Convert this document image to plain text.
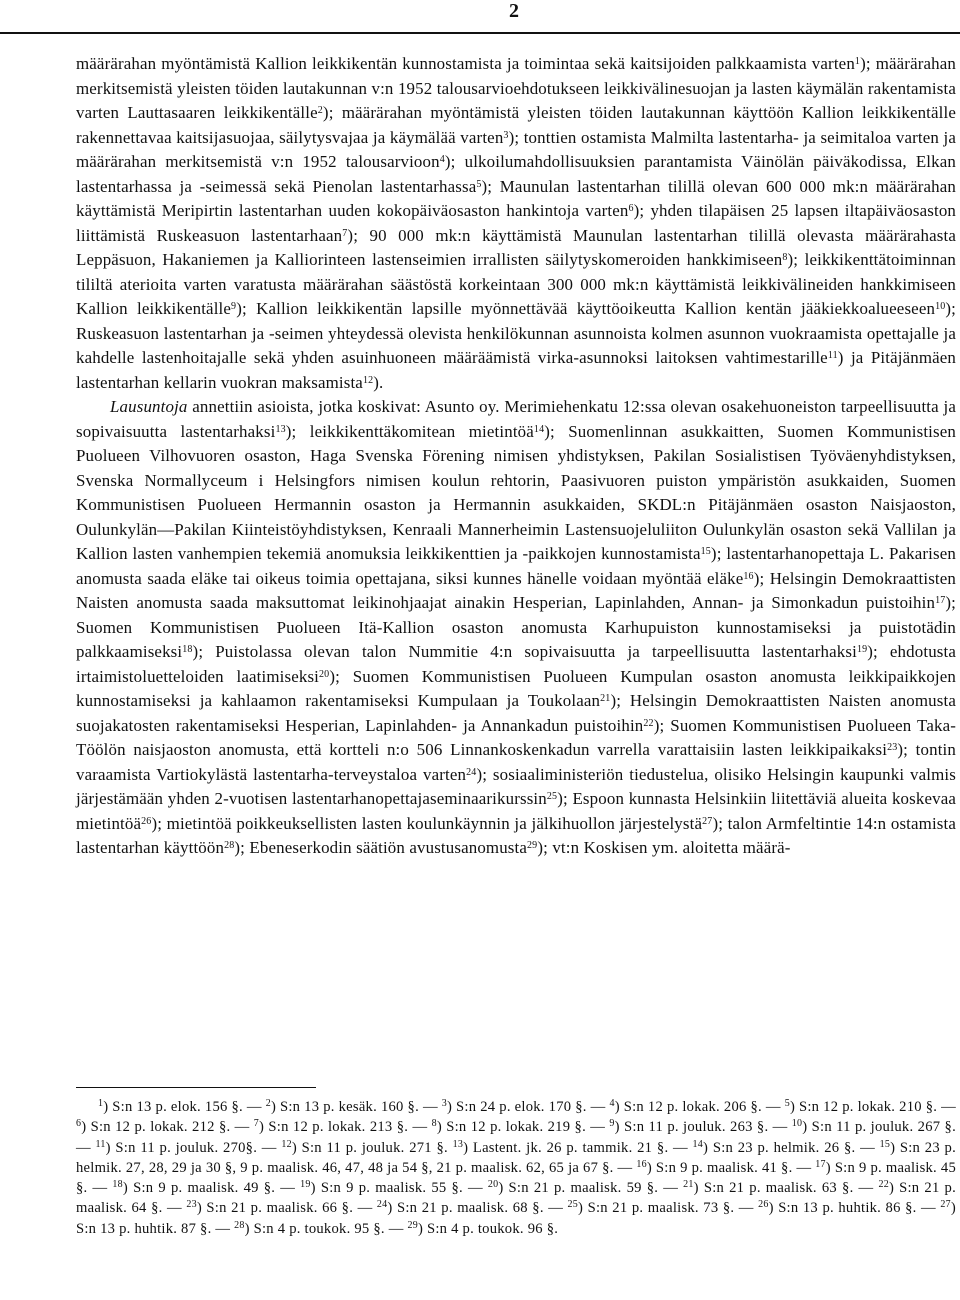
2

määrärahan myöntämistä Kallion leikkikentän kunnostamista ja toimintaa sekä kaitsijoiden palkkaamista varten$^1$); määrärahan merkitsemistä yleisten töiden lautakunnan v:n 1952 talousarvioehdotukseen leikkivälinesuojan ja lasten käymälän rakentamista varten Lauttasaaren leikkikentälle$^2$); määrärahan myöntämistä yleisten töiden lautakunnan käyttöön Kallion leikkikentälle rakennettavaa kaitsijasuojaa, säilytysvajaa ja käymälää varten$^3$); tonttien ostamista Malmilta lastentarha- ja seimitaloa varten ja määrärahan merkitsemistä v:n 1952 talousarvioon$^4$); ulkoilumahdollisuuksien parantamista Väinölän päiväkodissa, Elkan lastentarhassa ja -seimessä sekä Pienolan lastentarhassa$^5$); Maunulan lastentarhan tilillä olevan 600 000 mk:n määrärahan käyttämistä Meripirtin lastentarhan uuden kokopäiväosaston hankintoja varten$^6$); yhden tilapäisen 25 lapsen iltapäiväosaston liittämistä Ruskeasuon lastentarhaan$^7$); 90 000 mk:n käyttämistä Maunulan lastentarhan tilillä olevasta määrärahasta Leppäsuon, Hakaniemen ja Kalliorinteen lastenseimien irrallisten säilytyskomeroiden hankkimiseen$^8$); leikkikenttätoiminnan tililtä aterioita varten varatusta määrärahan säästöstä korkeintaan 300 000 mk:n käyttämistä leikkivälineiden hankkimiseen Kallion leikkikentälle$^9$); Kallion leikkikentän lapsille myönnettävää käyttöoikeutta Kallion kentän jääkiekkoalueeseen$^{10}$); Ruskeasuon lastentarhan ja -seimen yhteydessä olevista henkilökunnan asunnoista kolmen asunnon vuokraamista opettajalle ja kahdelle lastenhoitajalle sekä yhden asuinhuoneen määräämistä virka-asunnoksi laitoksen vahtimestarille$^{11}$) ja Pitäjänmäen lastentarhan kellarin vuokran maksamista$^{12}$).

Lausuntoja annettiin asioista, jotka koskivat: Asunto oy. Merimiehenkatu 12:ssa olevan osakehuoneiston tarpeellisuutta ja sopivaisuutta lastentarhaksi$^{13}$); leikkikenttäkomitean mietintöä$^{14}$); Suomenlinnan asukkaitten, Suomen Kommunistisen Puolueen Vilhovuoren osaston, Haga Svenska Förening nimisen yhdistyksen, Pakilan Sosialistisen Työväenyhdistyksen, Svenska Normallyceum i Helsingfors nimisen koulun rehtorin, Paasivuoren puiston ympäristön asukkaiden, Suomen Kommunistisen Puolueen Hermannin osaston ja Hermannin asukkaiden, SKDL:n Pitäjänmäen osaston Naisjaoston, Oulunkylän—Pakilan Kiinteistöyhdistyksen, Kenraali Mannerheimin Lastensuojeluliiton Oulunkylän osaston sekä Vallilan ja Kallion lasten vanhempien tekemiä anomuksia leikkikenttien ja -paikkojen kunnostamista$^{15}$); lastentarhanopettaja L. Pakarisen anomusta saada eläke tai oikeus toimia opettajana, siksi kunnes hänelle voidaan myöntää eläke$^{16}$); Helsingin Demokraattisten Naisten anomusta saada maksuttomat leikinohjaajat ainakin Hesperian, Lapinlahden, Annan- ja Simonkadun puistoihin$^{17}$); Suomen Kommunistisen Puolueen Itä-Kallion osaston anomusta Karhupuiston kunnostamiseksi ja puistotädin palkkaamiseksi$^{18}$); Puistolassa olevan talon Nummitie 4:n sopivaisuutta ja tarpeellisuutta lastentarhaksi$^{19}$); ehdotusta irtaimistoluetteloiden laatimiseksi$^{20}$); Suomen Kommunistisen Puolueen Kumpulan osaston anomusta leikkipaikkojen kunnostamiseksi ja kahlaamon rakentamiseksi Kumpulaan ja Toukolaan$^{21}$); Helsingin Demokraattisten Naisten anomusta suojakatosten rakentamiseksi Hesperian, Lapinlahden- ja Annankadun puistoihin$^{22}$); Suomen Kommunistisen Puolueen Taka-Töölön naisjaoston anomusta, että kortteli n:o 506 Linnankoskenkadun varrella varattaisiin lasten leikkipaikaksi$^{23}$); tontin varaamista Vartiokylästä lastentarha-terveystaloa varten$^{24}$); sosiaaliministeriön tiedustelua, olisiko Helsingin kaupunki valmis järjestämään yhden 2-vuotisen lastentarhanopettajaseminaarikurssin$^{25}$); Espoon kunnasta Helsinkiin liitettäviä alueita koskevaa mietintöä$^{26}$); mietintöä poikkeuksellisten lasten koulunkäynnin ja jälkihuollon järjestelystä$^{27}$); talon Armfeltintie 14:n ostamista lastentarhan käyttöön$^{28}$); Ebeneserkodin säätiön avustusanomusta$^{29}$); vt:n Koskisen ym. aloitetta määrä-

$^1$) S:n 13 p. elok. 156 §. — $^2$) S:n 13 p. kesäk. 160 §. — $^3$) S:n 24 p. elok. 170 §. — $^4$) S:n 12 p. lokak. 206 §. — $^5$) S:n 12 p. lokak. 210 §. — $^6$) S:n 12 p. lokak. 212 §. — $^7$) S:n 12 p. lokak. 213 §. — $^8$) S:n 12 p. lokak. 219 §. — $^9$) S:n 11 p. jouluk. 263 §. — $^{10}$) S:n 11 p. jouluk. 267 §. — $^{11}$) S:n 11 p. jouluk. 270§. — $^{12}$) S:n 11 p. jouluk. 271 §. $^{13}$) Lastent. jk. 26 p. tammik. 21 §. — $^{14}$) S:n 23 p. helmik. 26 §. — $^{15}$) S:n 23 p. helmik. 27, 28, 29 ja 30 §, 9 p. maalisk. 46, 47, 48 ja 54 §, 21 p. maalisk. 62, 65 ja 67 §. — $^{16}$) S:n 9 p. maalisk. 41 §. — $^{17}$) S:n 9 p. maalisk. 45 §. — $^{18}$) S:n 9 p. maalisk. 49 §. — $^{19}$) S:n 9 p. maalisk. 55 §. — $^{20}$) S:n 21 p. maalisk. 59 §. — $^{21}$) S:n 21 p. maalisk. 63 §. — $^{22}$) S:n 21 p. maalisk. 64 §. — $^{23}$) S:n 21 p. maalisk. 66 §. — $^{24}$) S:n 21 p. maalisk. 68 §. — $^{25}$) S:n 21 p. maalisk. 73 §. — $^{26}$) S:n 13 p. huhtik. 86 §. — $^{27}$) S:n 13 p. huhtik. 87 §. — $^{28}$) S:n 4 p. toukok. 95 §. — $^{29}$) S:n 4 p. toukok. 96 §.
